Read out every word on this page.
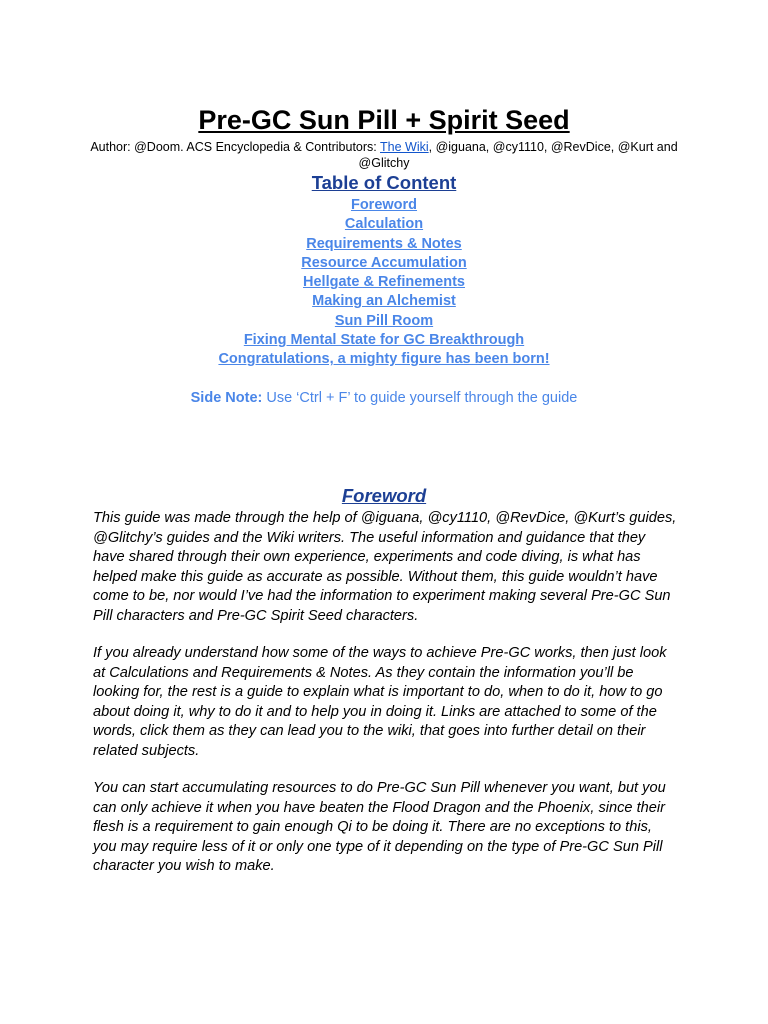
Pre-GC Sun Pill + Spirit Seed
Author: @Doom. ACS Encyclopedia & Contributors: The Wiki, @iguana, @cy1110, @RevDice, @Kurt and @Glitchy
Table of Content
Foreword
Calculation
Requirements & Notes
Resource Accumulation
Hellgate & Refinements
Making an Alchemist
Sun Pill Room
Fixing Mental State for GC Breakthrough
Congratulations, a mighty figure has been born!
Side Note: Use ‘Ctrl + F’ to guide yourself through the guide
Foreword

This guide was made through the help of @iguana, @cy1110, @RevDice, @Kurt’s guides, @Glitchy’s guides and the Wiki writers. The useful information and guidance that they have shared through their own experience, experiments and code diving, is what has helped make this guide as accurate as possible. Without them, this guide wouldn’t have come to be, nor would I’ve had the information to experiment making several Pre-GC Sun Pill characters and Pre-GC Spirit Seed characters.

If you already understand how some of the ways to achieve Pre-GC works, then just look at Calculations and Requirements & Notes. As they contain the information you’ll be looking for, the rest is a guide to explain what is important to do, when to do it, how to go about doing it, why to do it and to help you in doing it. Links are attached to some of the words, click them as they can lead you to the wiki, that goes into further detail on their related subjects.

You can start accumulating resources to do Pre-GC Sun Pill whenever you want, but you can only achieve it when you have beaten the Flood Dragon and the Phoenix, since their flesh is a requirement to gain enough Qi to be doing it. There are no exceptions to this, you may require less of it or only one type of it depending on the type of Pre-GC Sun Pill character you wish to make.
